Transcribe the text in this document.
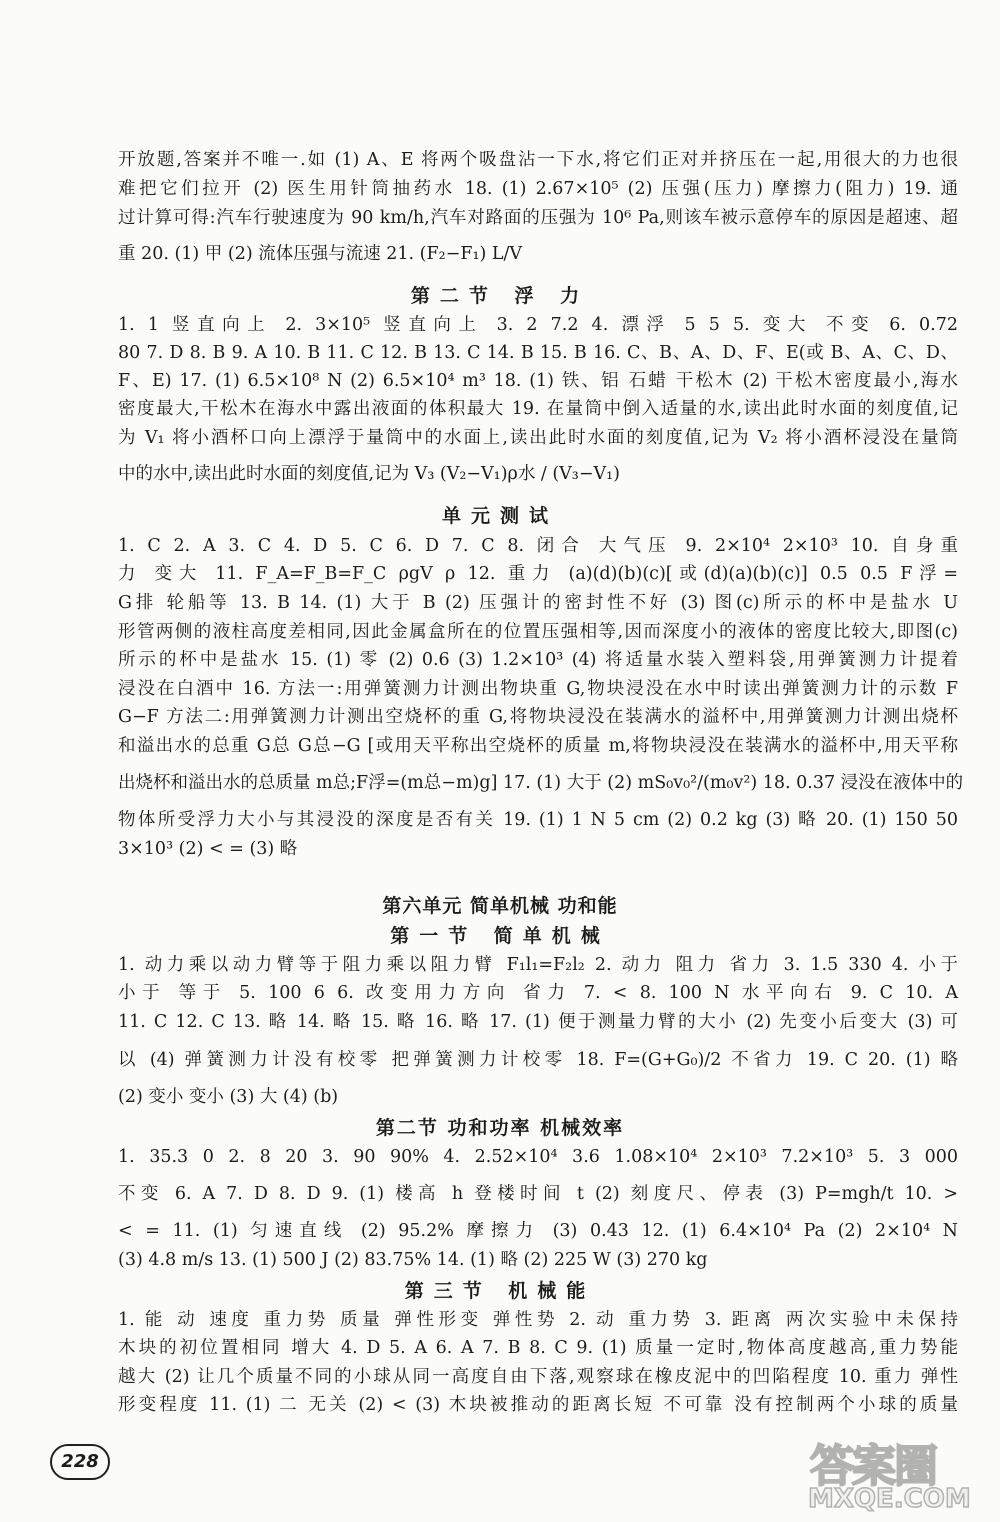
开放题,答案并不唯一.如 (1) A、E 将两个吸盘沾一下水,将它们正对并挤压在一起,用很大的力也很
难把它们拉开 (2) 医生用针筒抽药水 18. (1) 2.67×10⁵ (2) 压强(压力) 摩擦力(阻力) 19. 通
过计算可得:汽车行驶速度为 90 km/h,汽车对路面的压强为 10⁶ Pa,则该车被示意停车的原因是超速、超
重 20. (1) 甲 (2) 流体压强与流速 21. (F₂−F₁) L/V
第二节 浮 力
1. 1 竖直向上 2. 3×10⁵ 竖直向上 3. 2 7.2 4. 漂浮 5 5 5. 变大 不变 6. 0.72
80 7. D 8. B 9. A 10. B 11. C 12. B 13. C 14. B 15. B 16. C、B、A、D、F、E(或 B、A、C、D、
F、E) 17. (1) 6.5×10⁸ N (2) 6.5×10⁴ m³ 18. (1) 铁、铝 石蜡 干松木 (2) 干松木密度最小,海水
密度最大,干松木在海水中露出液面的体积最大 19. 在量筒中倒入适量的水,读出此时水面的刻度值,记
为 V₁ 将小酒杯口向上漂浮于量筒中的水面上,读出此时水面的刻度值,记为 V₂ 将小酒杯浸没在量筒
中的水中,读出此时水面的刻度值,记为 V₃ (V₂−V₁)ρ水 / (V₃−V₁)
单元测试
1. C 2. A 3. C 4. D 5. C 6. D 7. C 8. 闭合 大气压 9. 2×10⁴ 2×10³ 10. 自身重
力 变大 11. F_A=F_B=F_C ρgV ρ 12. 重力 (a)(d)(b)(c)[或(d)(a)(b)(c)] 0.5 0.5 F浮=
G排 轮船等 13. B 14. (1) 大于 B (2) 压强计的密封性不好 (3) 图(c)所示的杯中是盐水 U
形管两侧的液柱高度差相同,因此金属盒所在的位置压强相等,因而深度小的液体的密度比较大,即图(c)
所示的杯中是盐水 15. (1) 零 (2) 0.6 (3) 1.2×10³ (4) 将适量水装入塑料袋,用弹簧测力计提着
浸没在白酒中 16. 方法一:用弹簧测力计测出物块重 G,物块浸没在水中时读出弹簧测力计的示数 F
G−F 方法二:用弹簧测力计测出空烧杯的重 G,将物块浸没在装满水的溢杯中,用弹簧测力计测出烧杯
和溢出水的总重 G总 G总−G [或用天平称出空烧杯的质量 m,将物块浸没在装满水的溢杯中,用天平称
出烧杯和溢出水的总质量 m总;F浮=(m总−m)g] 17. (1) 大于 (2) mS₀v₀²/(m₀v²) 18. 0.37 浸没在液体中的
物体所受浮力大小与其浸没的深度是否有关 19. (1) 1 N 5 cm (2) 0.2 kg (3) 略 20. (1) 150 50
3×10³ (2) < = (3) 略
第六单元 简单机械 功和能
第一节 简单机械
1. 动力乘以动力臂等于阻力乘以阻力臂 F₁l₁=F₂l₂ 2. 动力 阻力 省力 3. 1.5 330 4. 小于
小于 等于 5. 100 6 6. 改变用力方向 省力 7. < 8. 100 N 水平向右 9. C 10. A
11. C 12. C 13. 略 14. 略 15. 略 16. 略 17. (1) 便于测量力臂的大小 (2) 先变小后变大 (3) 可
以 (4) 弹簧测力计没有校零 把弹簧测力计校零 18. F=(G+G₀)/2 不省力 19. C 20. (1) 略
(2) 变小 变小 (3) 大 (4) (b)
第二节 功和功率 机械效率
1. 35.3 0 2. 8 20 3. 90 90% 4. 2.52×10⁴ 3.6 1.08×10⁴ 2×10³ 7.2×10³ 5. 3 000
不变 6. A 7. D 8. D 9. (1) 楼高 h 登楼时间 t (2) 刻度尺、停表 (3) P=mgh/t 10. >
< = 11. (1) 匀速直线 (2) 95.2% 摩擦力 (3) 0.43 12. (1) 6.4×10⁴ Pa (2) 2×10⁴ N
(3) 4.8 m/s 13. (1) 500 J (2) 83.75% 14. (1) 略 (2) 225 W (3) 270 kg
第三节 机械能
1. 能 动 速度 重力势 质量 弹性形变 弹性势 2. 动 重力势 3. 距离 两次实验中未保持
木块的初位置相同 增大 4. D 5. A 6. A 7. B 8. C 9. (1) 质量一定时,物体高度越高,重力势能
越大 (2) 让几个质量不同的小球从同一高度自由下落,观察球在橡皮泥中的凹陷程度 10. 重力 弹性
形变程度 11. (1) 二 无关 (2) < (3) 木块被推动的距离长短 不可靠 没有控制两个小球的质量
228	答案圈
MXQE.COM
